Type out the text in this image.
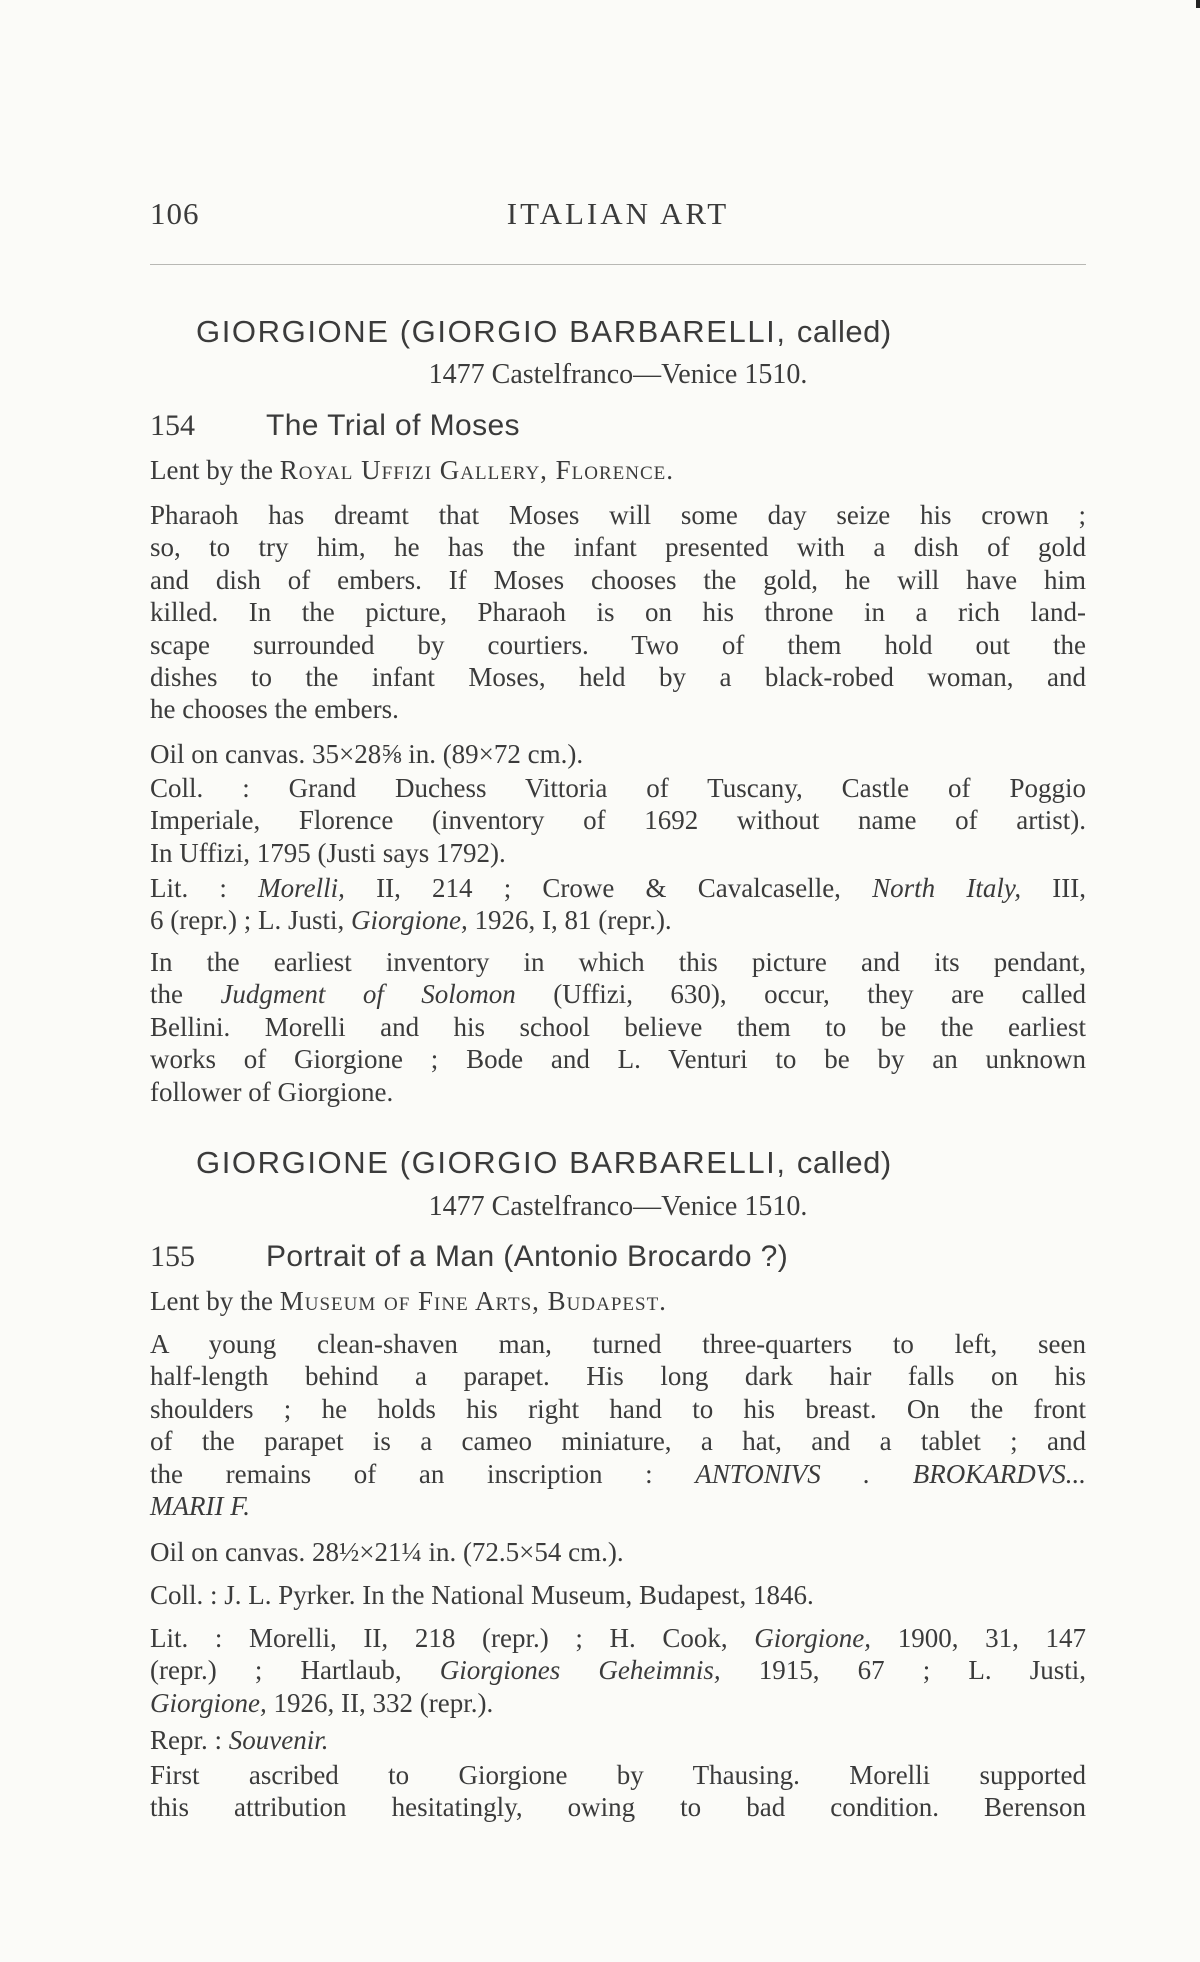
106	ITALIAN ART
GIORGIONE (GIORGIO BARBARELLI, called)
1477 Castelfranco—Venice 1510.
154 The Trial of Moses
Lent by the Royal Uffizi Gallery, Florence.
Pharaoh has dreamt that Moses will some day seize his crown ;
so, to try him, he has the infant presented with a dish of gold
and dish of embers. If Moses chooses the gold, he will have him
killed. In the picture, Pharaoh is on his throne in a rich land-
scape surrounded by courtiers. Two of them hold out the
dishes to the infant Moses, held by a black-robed woman, and
he chooses the embers.
Oil on canvas. 35×28⅝ in. (89×72 cm.).
Coll. : Grand Duchess Vittoria of Tuscany, Castle of Poggio
Imperiale, Florence (inventory of 1692 without name of artist).
In Uffizi, 1795 (Justi says 1792).
Lit. : Morelli, II, 214 ; Crowe & Cavalcaselle, North Italy, III,
6 (repr.) ; L. Justi, Giorgione, 1926, I, 81 (repr.).
In the earliest inventory in which this picture and its pendant,
the Judgment of Solomon (Uffizi, 630), occur, they are called
Bellini. Morelli and his school believe them to be the earliest
works of Giorgione ; Bode and L. Venturi to be by an unknown
follower of Giorgione.
GIORGIONE (GIORGIO BARBARELLI, called)
1477 Castelfranco—Venice 1510.
155 Portrait of a Man (Antonio Brocardo ?)
Lent by the Museum of Fine Arts, Budapest.
A young clean-shaven man, turned three-quarters to left, seen
half-length behind a parapet. His long dark hair falls on his
shoulders ; he holds his right hand to his breast. On the front
of the parapet is a cameo miniature, a hat, and a tablet ; and
the remains of an inscription : ANTONIVS . BROKARDVS...
MARII F.
Oil on canvas. 28½×21¼ in. (72.5×54 cm.).
Coll. : J. L. Pyrker. In the National Museum, Budapest, 1846.
Lit. : Morelli, II, 218 (repr.) ; H. Cook, Giorgione, 1900, 31, 147
(repr.) ; Hartlaub, Giorgiones Geheimnis, 1915, 67 ; L. Justi,
Giorgione, 1926, II, 332 (repr.).
Repr. : Souvenir.
First ascribed to Giorgione by Thausing. Morelli supported
this attribution hesitatingly, owing to bad condition. Berenson
